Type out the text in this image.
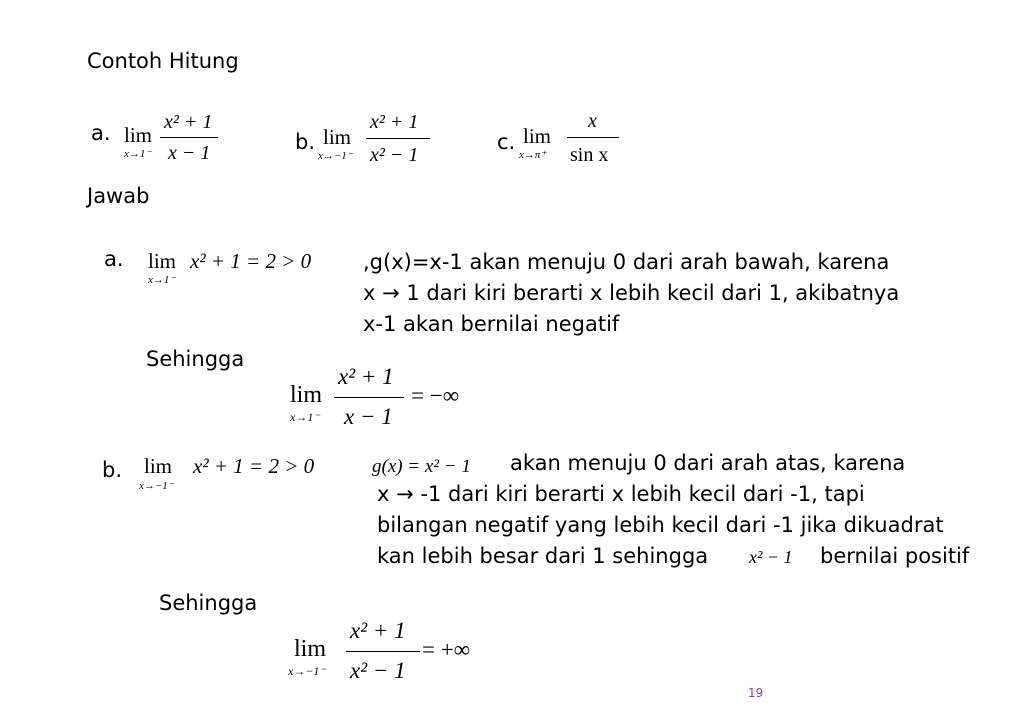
Contoh Hitung
a. lim
x→1⁻
x² + 1
x − 1	b. lim
x→−1⁻
x² + 1
x² − 1
c. lim
x→π⁺
x
sin x
Jawab
a. lim x² + 1 = 2 > 0
x→1⁻
,g(x)=x-1 akan menuju 0 dari arah bawah, karena
x → 1 dari kiri berarti x lebih kecil dari 1, akibatnya
x-1 akan bernilai negatif
Sehingga
lim
x→1⁻
x² + 1
x − 1
= −∞
b. lim x² + 1 = 2 > 0
x→−1⁻
g(x) = x² − 1 akan menuju 0 dari arah atas, karena
x → -1 dari kiri berarti x lebih kecil dari -1, tapi
bilangan negatif yang lebih kecil dari -1 jika dikuadrat
kan lebih besar dari 1 sehingga x² − 1 bernilai positif
Sehingga
lim
x→−1⁻
x² + 1
x² − 1
= +∞
19
